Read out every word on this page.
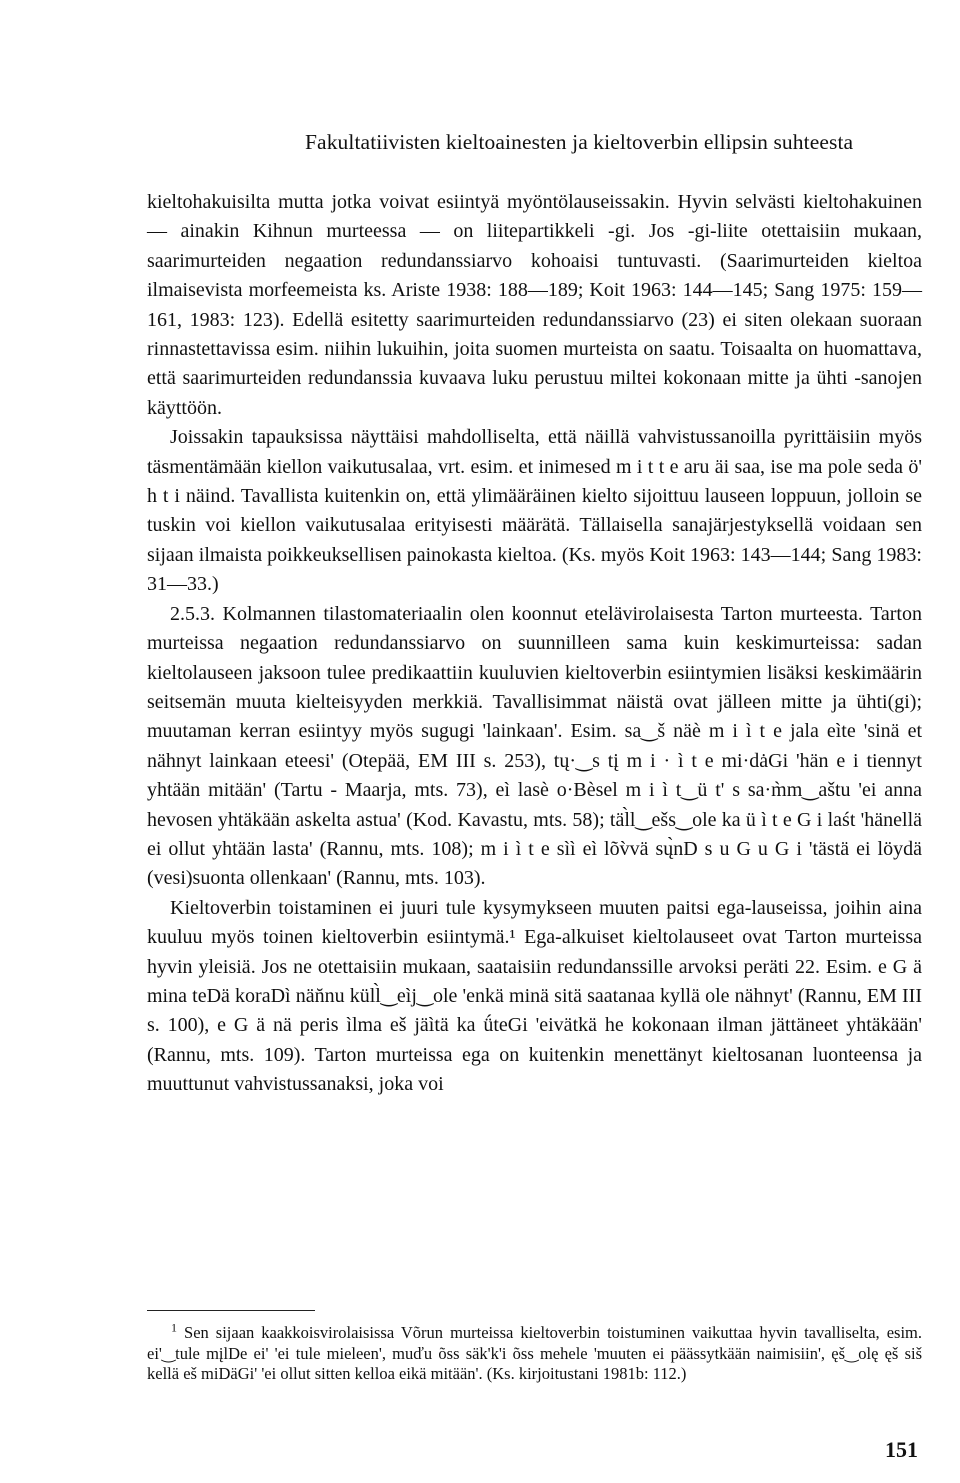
Fakultatiivisten kieltoainesten ja kieltoverbin ellipsin suhteesta

kieltohakuisilta mutta jotka voivat esiintyä myöntölauseissakin. Hyvin selvästi kieltohakuinen — ainakin Kihnun murteessa — on liitepartikkeli -gi. Jos -gi-liite otettaisiin mukaan, saarimurteiden negaation redundanssiarvo kohoaisi tuntuvasti. (Saarimurteiden kieltoa ilmaisevista morfeemeista ks. Ariste 1938: 188—189; Koit 1963: 144—145; Sang 1975: 159—161, 1983: 123). Edellä esitetty saarimurteiden redundanssiarvo (23) ei siten olekaan suoraan rinnastettavissa esim. niihin lukuihin, joita suomen murteista on saatu. Toisaalta on huomattava, että saarimurteiden redundanssia kuvaava luku perustuu miltei kokonaan mitte ja ühti -sanojen käyttöön.

Joissakin tapauksissa näyttäisi mahdolliselta, että näillä vahvistussanoilla pyrittäisiin myös täsmentämään kiellon vaikutusalaa, vrt. esim. et inimesed m i t t e aru äi saa, ise ma pole seda ö' h t i näind. Tavallista kuitenkin on, että ylimääräinen kielto sijoittuu lauseen loppuun, jolloin se tuskin voi kiellon vaikutusalaa erityisesti määrätä. Tällaisella sanajärjestyksellä voidaan sen sijaan ilmaista poikkeuksellisen painokasta kieltoa. (Ks. myös Koit 1963: 143—144; Sang 1983: 31—33.)

2.5.3. Kolmannen tilastomateriaalin olen koonnut etelävirolaisesta Tarton murteesta. Tarton murteissa negaation redundanssiarvo on suunnilleen sama kuin keskimurteissa: sadan kieltolauseen jaksoon tulee predikaattiin kuuluvien kieltoverbin esiintymien lisäksi keskimäärin seitsemän muuta kielteisyyden merkkiä. Tavallisimmat näistä ovat jälleen mitte ja ühti(gi); muutaman kerran esiintyy myös sugugi 'lainkaan'. Esim. sa‿š näè m i ì t e jala eìte 'sinä et nähnyt lainkaan eteesi' (Otepää, EM III s. 253), tų·‿s tį m i · ì t e mi·dȧGi 'hän e i tiennyt yhtään mitään' (Tartu - Maarja, mts. 73), eì lasè o·Bèsel m i ì t‿ü t' s sa·m̀m‿aštu 'ei anna hevosen yhtäkään askelta astua' (Kod. Kavastu, mts. 58); täl̀l‿ešs‿ole ka ü ì t e G i laśt 'hänellä ei ollut yhtään lasta' (Rannu, mts. 108); m i ì t e sìì eì lõv̀vä sų̀nD s u G u G i 'tästä ei löydä (vesi)suonta ollenkaan' (Rannu, mts. 103).

Kieltoverbin toistaminen ei juuri tule kysymykseen muuten paitsi ega-lauseissa, joihin aina kuuluu myös toinen kieltoverbin esiintymä.¹ Ega-alkuiset kieltolauseet ovat Tarton murteissa hyvin yleisiä. Jos ne otettaisiin mukaan, saataisiin redundanssille arvoksi peräti 22. Esim. e G ä mina teDä koraDì nän̆nu küll̀‿eìj‿ole 'enkä minä sitä saatanaa kyllä ole nähnyt' (Rannu, EM III s. 100), e G ä nä peris ìlma eš jäìtä ka ǘteGi 'eivätkä he kokonaan ilman jättäneet yhtäkään' (Rannu, mts. 109). Tarton murteissa ega on kuitenkin menettänyt kieltosanan luonteensa ja muuttunut vahvistussanaksi, joka voi

$^1$ Sen sijaan kaakkoisvirolaisissa Võrun murteissa kieltoverbin toistuminen vaikuttaa hyvin tavalliselta, esim. ei'‿tule mįlDe ei' 'ei tule mieleen', muďu õss säk'k'i õss mehele 'muuten ei päässytkään naimisiin', ęš‿olę ęš siš kellä eš miDäGi' 'ei ollut sitten kelloa eikä mitään'. (Ks. kirjoitustani 1981b: 112.)

151
